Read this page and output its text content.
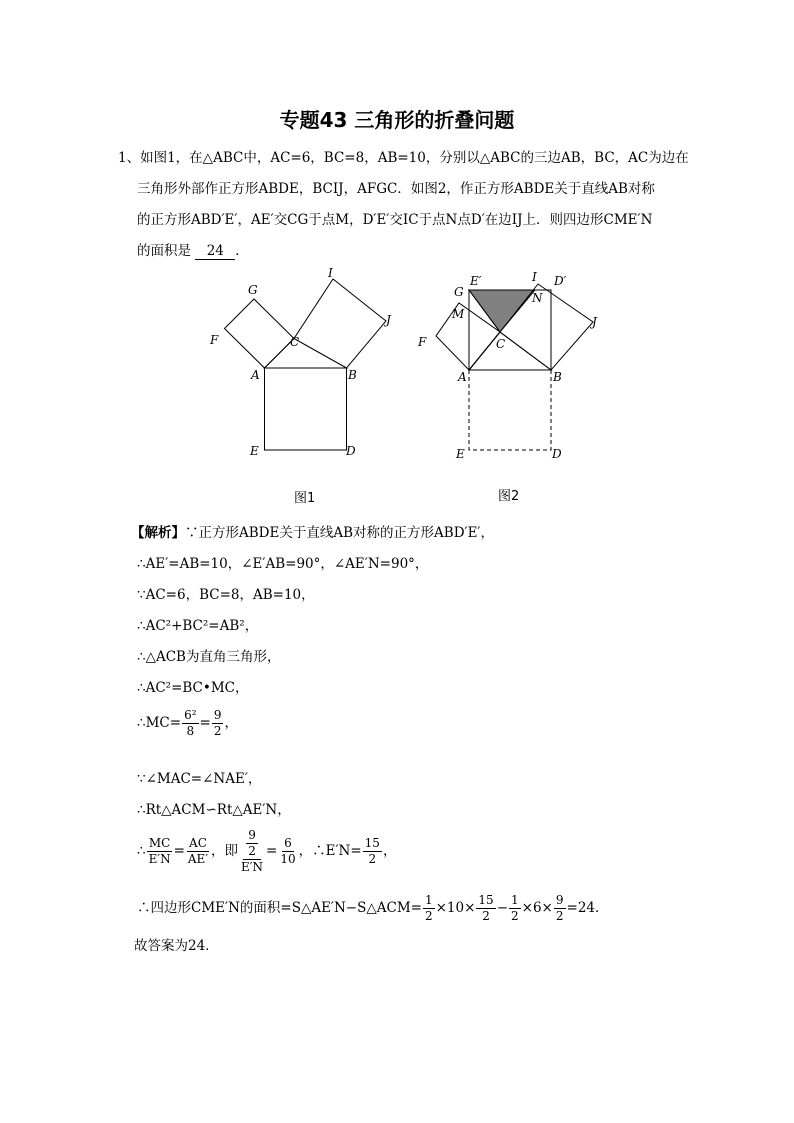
专题43 三角形的折叠问题
1、如图1，在△ABC中，AC=6，BC=8，AB=10，分别以△ABC的三边AB，BC，AC为边在
三角形外部作正方形ABDE，BCIJ，AFGC．如图2，作正方形ABDE关于直线AB对称
的正方形ABD′E′，AE′交CG于点M，D′E′交IC于点N点D′在边IJ上．则四边形CME′N
的面积是 24 ．
G
I
J
F	C
A	B
E	D
图1
E′
G
I D′
N
M
J
F	C
A	B
E	D
图2
【解析】∵正方形ABDE关于直线AB对称的正方形ABD′E′，
∴AE′=AB=10，∠E′AB=90°，∠AE′N=90°，
∵AC=6，BC=8，AB=10，
∴AC²+BC²=AB²，
∴△ACB为直角三角形，
∴AC²=BC•MC，
∴MC= $\frac{\text{6²}}{8} = \frac{9}{2}$ ，
∵∠MAC=∠NAE′，
∴Rt△ACM∽Rt△AE′N，
∴ $\frac{MC}{E'N} = \frac{AC}{AE'}$ ，即 $\frac{\frac{9}{2}}{E'N} = \frac{6}{10}$ ，∴E′N= $\frac{15}{2}$ ，
∴四边形CME′N的面积=S△AE′N−S△ACM= $\frac{1}{2} \times 10\times \frac{15}{2} - \frac{1}{2} \times 6\times \frac{9}{2} =24$．
故答案为24．
